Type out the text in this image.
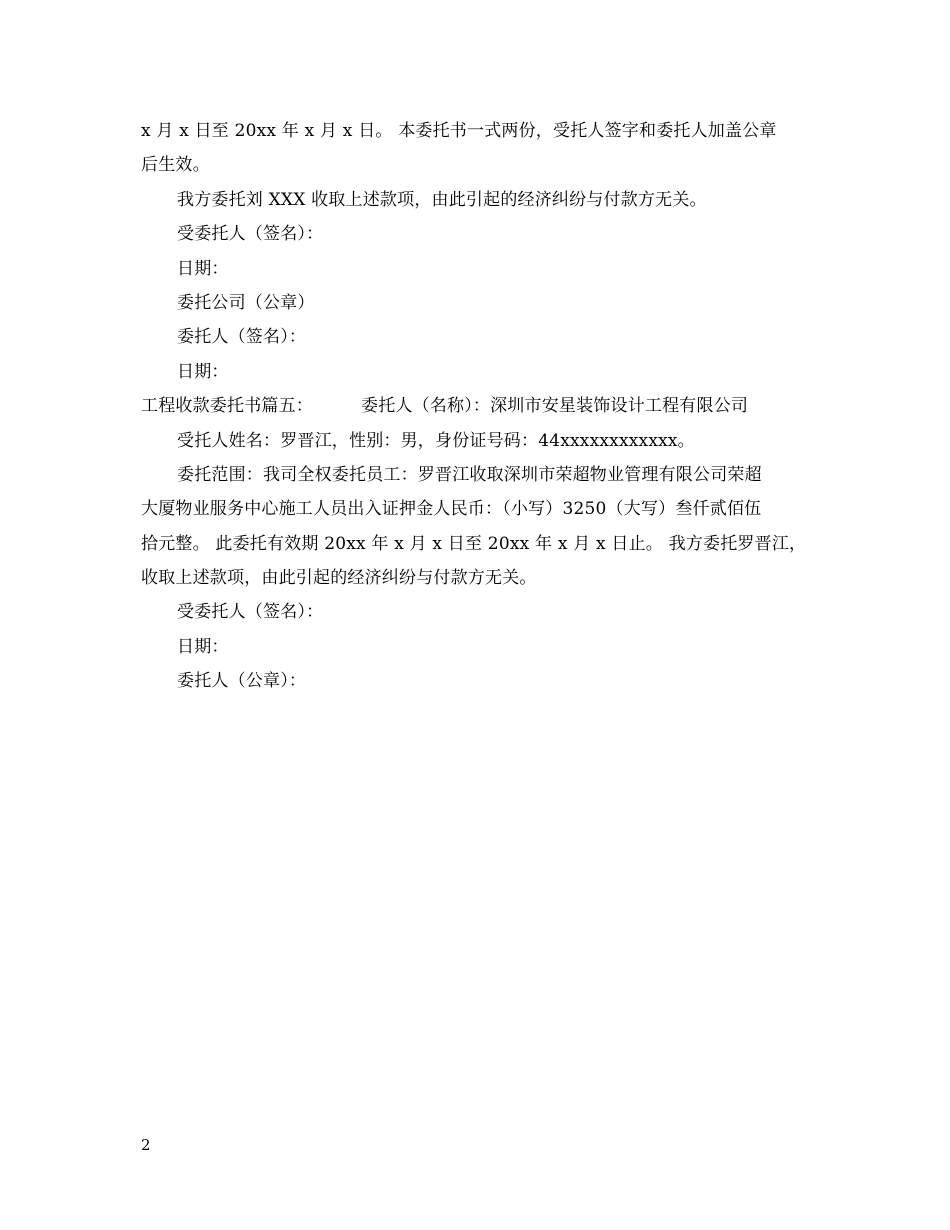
x 月 x 日至 20xx 年 x 月 x 日。 本委托书一式两份，受托人签字和委托人加盖公章
后生效。
我方委托刘 XXX 收取上述款项，由此引起的经济纠纷与付款方无关。
受委托人（签名）：
日期：
委托公司（公章）
委托人（签名）：
日期：
工程收款委托书篇五：	委托人（名称）：深圳市安星装饰设计工程有限公司
受托人姓名：罗晋江，性别：男，身份证号码：44xxxxxxxxxxxx。
委托范围：我司全权委托员工：罗晋江收取深圳市荣超物业管理有限公司荣超
大厦物业服务中心施工人员出入证押金人民币：（小写）3250（大写）叁仟贰佰伍
拾元整。 此委托有效期 20xx 年 x 月 x 日至 20xx 年 x 月 x 日止。 我方委托罗晋江，
收取上述款项，由此引起的经济纠纷与付款方无关。
受委托人（签名）：
日期：
委托人（公章）：
2
